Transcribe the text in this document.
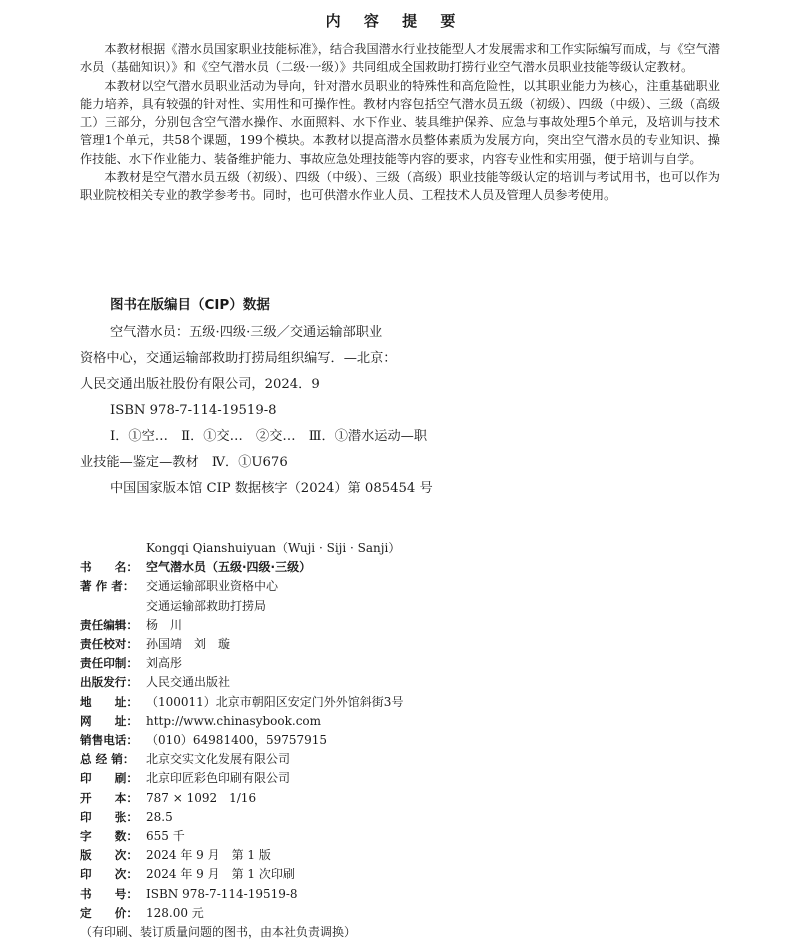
内 容 提 要

本教材根据《潜水员国家职业技能标准》，结合我国潜水行业技能型人才发展需求和工作实际编写而成，与《空气潜水员（基础知识）》和《空气潜水员（二级·一级）》共同组成全国救助打捞行业空气潜水员职业技能等级认定教材。

本教材以空气潜水员职业活动为导向，针对潜水员职业的特殊性和高危险性，以其职业能力为核心，注重基础职业能力培养，具有较强的针对性、实用性和可操作性。教材内容包括空气潜水员五级（初级）、四级（中级）、三级（高级工）三部分，分别包含空气潜水操作、水面照料、水下作业、装具维护保养、应急与事故处理5个单元，及培训与技术管理1个单元，共58个课题，199个模块。本教材以提高潜水员整体素质为发展方向，突出空气潜水员的专业知识、操作技能、水下作业能力、装备维护能力、事故应急处理技能等内容的要求，内容专业性和实用强，便于培训与自学。

本教材是空气潜水员五级（初级）、四级（中级）、三级（高级）职业技能等级认定的培训与考试用书，也可以作为职业院校相关专业的教学参考书。同时，也可供潜水作业人员、工程技术人员及管理人员参考使用。

图书在版编目（CIP）数据
空气潜水员：五级·四级·三级／交通运输部职业
资格中心，交通运输部救助打捞局组织编写．—北京：
人民交通出版社股份有限公司，2024．9
ISBN 978-7-114-19519-8
Ⅰ．①空…　Ⅱ．①交…　②交…　Ⅲ．①潜水运动—职
业技能—鉴定—教材　Ⅳ．①U676
中国国家版本馆 CIP 数据核字（2024）第 085454 号
Kongqi Qianshuiyuan（Wuji · Siji · Sanji）
书　　名： 空气潜水员（五级·四级·三级）
著 作 者： 交通运输部职业资格中心
交通运输部救助打捞局
责任编辑： 杨　川
责任校对： 孙国靖　刘　璇
责任印制： 刘高彤
出版发行： 人民交通出版社
地　　址： （100011）北京市朝阳区安定门外外馆斜街3号
网　　址： http://www.chinasybook.com
销售电话： （010）64981400，59757915
总 经 销： 北京交实文化发展有限公司
印　　刷： 北京印匠彩色印刷有限公司
开　　本： 787 × 1092　1/16
印　　张： 28.5
字　　数： 655 千
版　　次： 2024 年 9 月　第 1 版
印　　次： 2024 年 9 月　第 1 次印刷
书　　号： ISBN 978-7-114-19519-8
定　　价： 128.00 元
（有印刷、装订质量问题的图书，由本社负责调换）
